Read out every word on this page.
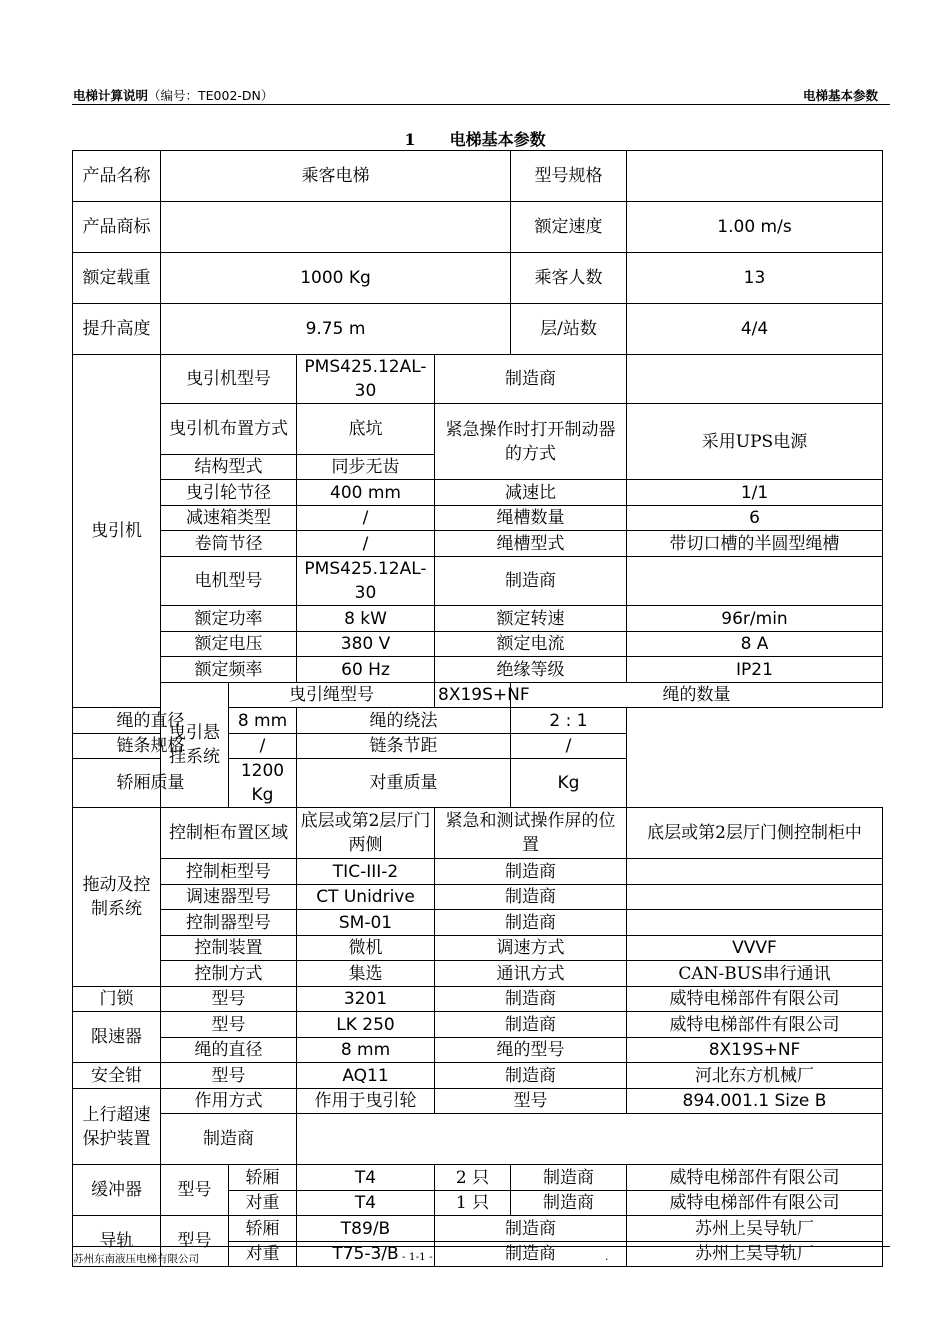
电梯计算说明（编号：TE002-DN）	电梯基本参数
1 电梯基本参数
产品名称	乘客电梯				型号规格		
产品商标					额定速度	1.00 m/s	
额定载重	1000 Kg				乘客人数	13	
提升高度	9.75 m				层/站数	4/4	
曳引机	曳引机型号		PMS425.12AL-30	制造商			
	曳引机布置方式		底坑	紧急操作时打开制动器的方式		采用UPS电源	
	结构型式		同步无齿				
	曳引轮节径		400 mm	减速比		1/1	
	减速箱类型		/	绳槽数量		6	
	卷筒节径		/	绳槽型式		带切口槽的半圆型绳槽	
	电机型号		PMS425.12AL-30	制造商			
	额定功率		8 kW	额定转速		96r/min	
	额定电压		380 V	额定电流		8 A	
	额定频率		60 Hz	绝缘等级		IP21	
	曳引悬挂系统	曳引绳型号		8X19S+NF	绳的数量	
绳的直径		8 mm	绳的绕法		2 : 1		
链条规格		/	链条节距		/		
轿厢质量		1200 Kg	对重质量		Kg		
拖动及控制系统	控制柜布置区域		底层或第2层厅门两侧	紧急和测试操作屏的位置		底层或第2层厅门侧控制柜中	
	控制柜型号		TIC-III-2	制造商			
	调速器型号		CT Unidrive	制造商			
	控制器型号		SM-01	制造商			
	控制装置		微机	调速方式		VVVF	
	控制方式		集选	通讯方式		CAN-BUS串行通讯	
门锁	型号		3201	制造商		威特电梯部件有限公司	
限速器	型号		LK 250	制造商		威特电梯部件有限公司	
	绳的直径		8 mm	绳的型号		8X19S+NF	
安全钳	型号		AQ11	制造商		河北东方机械厂	
上行超速保护装置	作用方式		作用于曳引轮	型号		894.001.1 Size B	
	制造商						
缓冲器	型号	轿厢	T4	2 只	制造商	威特电梯部件有限公司	
		对重	T4	1 只	制造商	威特电梯部件有限公司	
导轨	型号	轿厢	T89/B	制造商		苏州上吴导轨厂	
		对重	T75-3/B	制造商		苏州上吴导轨厂	
苏州东南液压电梯有限公司	- 1-1 -	.
